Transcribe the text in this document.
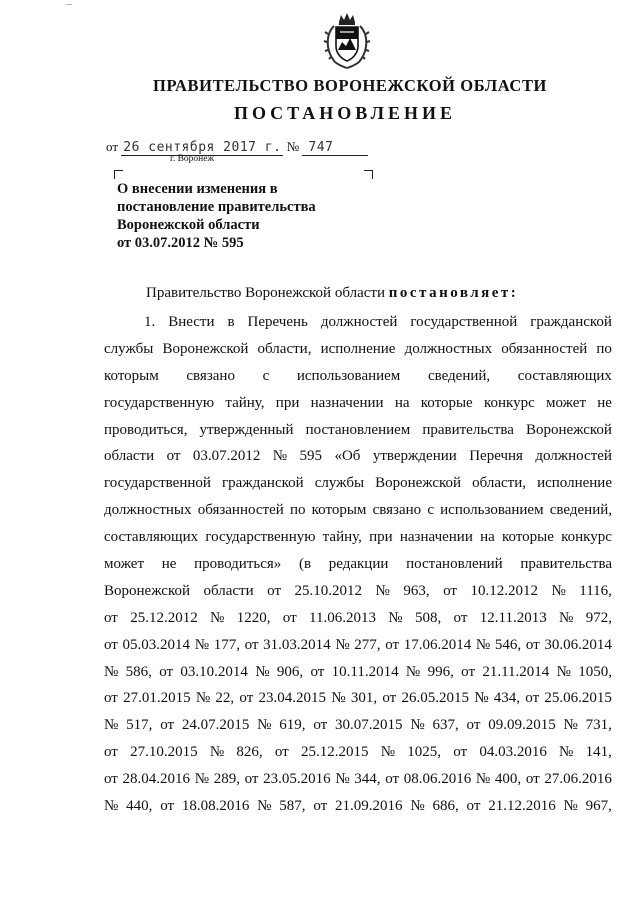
ПРАВИТЕЛЬСТВО ВОРОНЕЖСКОЙ ОБЛАСТИ
ПОСТАНОВЛЕНИЕ
от 26 сентября 2017 г. № 747
г. Воронеж
О внесении изменения в
постановление правительства
Воронежской области
от 03.07.2012 № 595
Правительство Воронежской области постановляет:
1. Внести в Перечень должностей государственной гражданской
службы Воронежской области, исполнение должностных обязанностей по
которым связано с использованием сведений, составляющих
государственную тайну, при назначении на которые конкурс может не
проводиться, утвержденный постановлением правительства Воронежской
области от 03.07.2012 № 595 «Об утверждении Перечня должностей
государственной гражданской службы Воронежской области, исполнение
должностных обязанностей по которым связано с использованием сведений,
составляющих государственную тайну, при назначении на которые конкурс
может не проводиться» (в редакции постановлений правительства
Воронежской области от 25.10.2012 № 963, от 10.12.2012 № 1116,
от 25.12.2012 № 1220, от 11.06.2013 № 508, от 12.11.2013 № 972,
от 05.03.2014 № 177, от 31.03.2014 № 277, от 17.06.2014 № 546, от 30.06.2014
№ 586, от 03.10.2014 № 906, от 10.11.2014 № 996, от 21.11.2014 № 1050,
от 27.01.2015 № 22, от 23.04.2015 № 301, от 26.05.2015 № 434, от 25.06.2015
№ 517, от 24.07.2015 № 619, от 30.07.2015 № 637, от 09.09.2015 № 731,
от 27.10.2015 № 826, от 25.12.2015 № 1025, от 04.03.2016 № 141,
от 28.04.2016 № 289, от 23.05.2016 № 344, от 08.06.2016 № 400, от 27.06.2016
№ 440, от 18.08.2016 № 587, от 21.09.2016 № 686, от 21.12.2016 № 967,
